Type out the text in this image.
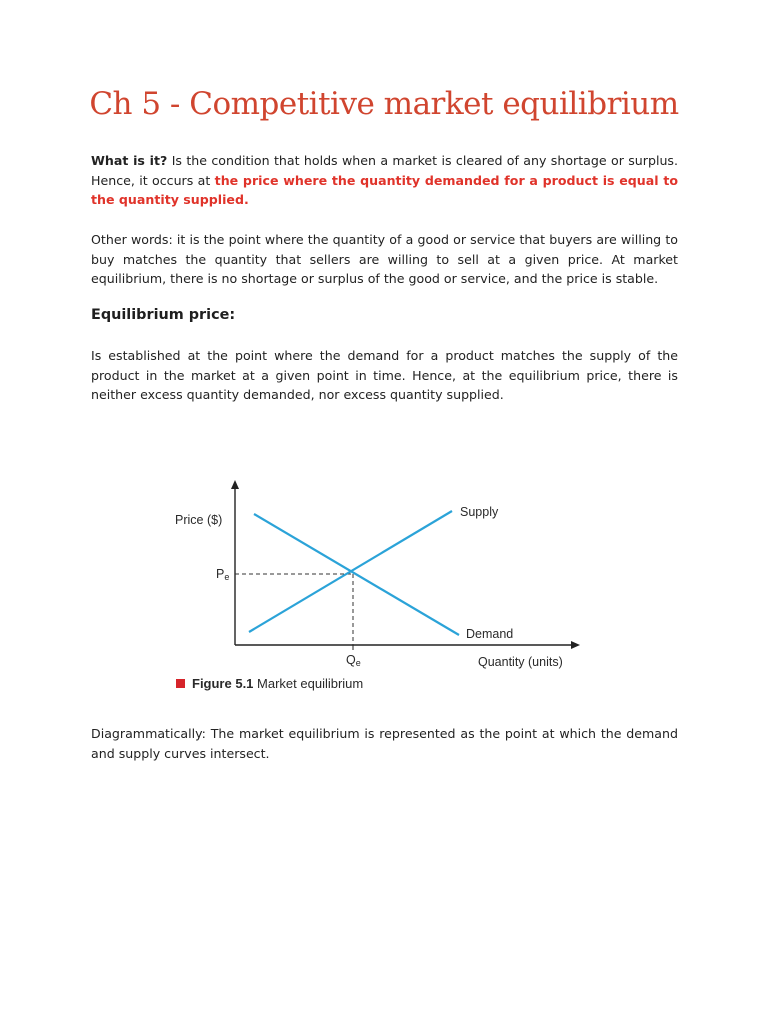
Ch 5 - Competitive market equilibrium

What is it? Is the condition that holds when a market is cleared of any shortage or surplus. Hence, it occurs at the price where the quantity demanded for a product is equal to the quantity supplied.

Other words: it is the point where the quantity of a good or service that buyers are willing to buy matches the quantity that sellers are willing to sell at a given price. At market equilibrium, there is no shortage or surplus of the good or service, and the price is stable.

Equilibrium price:

Is established at the point where the demand for a product matches the supply of the product in the market at a given point in time. Hence, at the equilibrium price, there is neither excess quantity demanded, nor excess quantity supplied.

Price ($)
Supply
Demand
Quantity (units)
$P_e$
$Q_e$
Figure 5.1 Market equilibrium

Diagrammatically: The market equilibrium is represented as the point at which the demand and supply curves intersect.
